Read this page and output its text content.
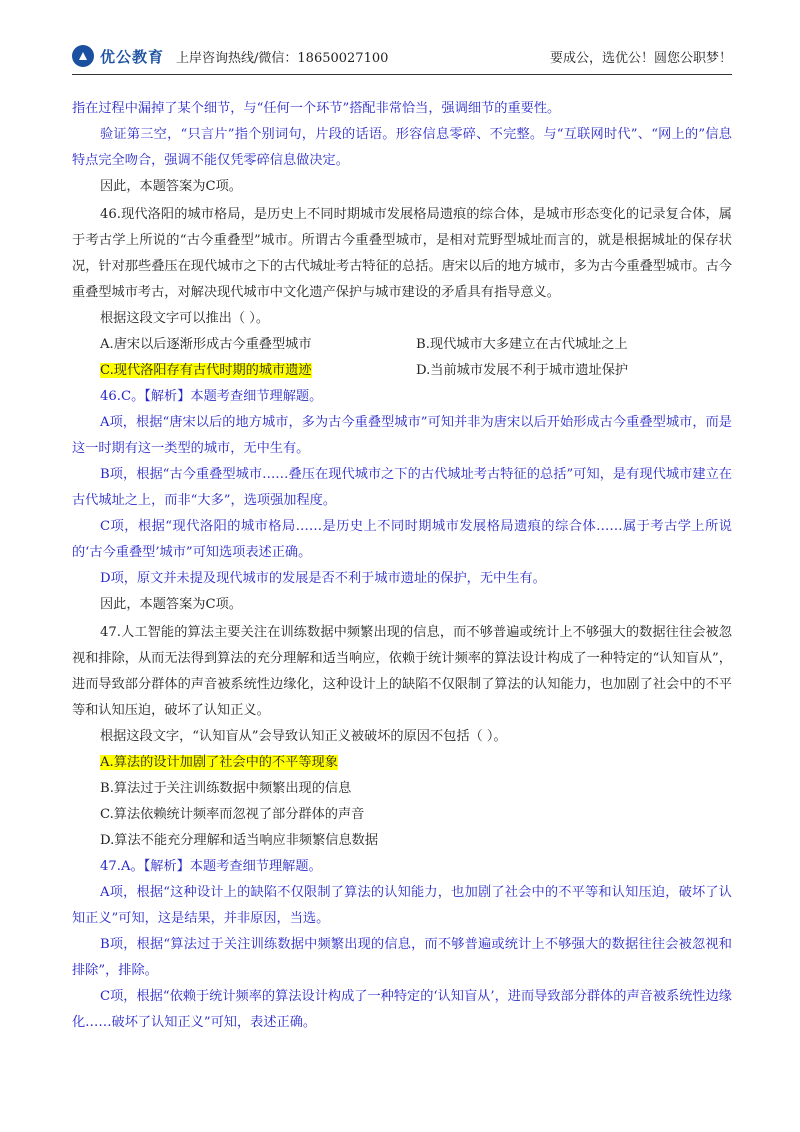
优公教育 上岸咨询热线/微信：18650027100	要成公，选优公！圆您公职梦！

指在过程中漏掉了某个细节，与“任何一个环节”搭配非常恰当，强调细节的重要性。

验证第三空，“只言片”指个别词句，片段的话语。形容信息零碎、不完整。与“互联网时代”、“网上的”信息特点完全吻合，强调不能仅凭零碎信息做决定。

因此，本题答案为C项。

46.现代洛阳的城市格局，是历史上不同时期城市发展格局遗痕的综合体，是城市形态变化的记录复合体，属于考古学上所说的“古今重叠型”城市。所谓古今重叠型城市，是相对荒野型城址而言的，就是根据城址的保存状况，针对那些叠压在现代城市之下的古代城址考古特征的总括。唐宋以后的地方城市，多为古今重叠型城市。古今重叠型城市考古，对解决现代城市中文化遗产保护与城市建设的矛盾具有指导意义。

根据这段文字可以推出（ ）。

A.唐宋以后逐渐形成古今重叠型城市	B.现代城市大多建立在古代城址之上
C.现代洛阳存有古代时期的城市遗迹	D.当前城市发展不利于城市遗址保护

46.C。【解析】本题考查细节理解题。

A项，根据“唐宋以后的地方城市，多为古今重叠型城市”可知并非为唐宋以后开始形成古今重叠型城市，而是这一时期有这一类型的城市，无中生有。

B项，根据“古今重叠型城市……叠压在现代城市之下的古代城址考古特征的总括”可知，是有现代城市建立在古代城址之上，而非“大多”，选项强加程度。

C项，根据“现代洛阳的城市格局……是历史上不同时期城市发展格局遗痕的综合体……属于考古学上所说的‘古今重叠型’城市”可知选项表述正确。

D项，原文并未提及现代城市的发展是否不利于城市遗址的保护，无中生有。

因此，本题答案为C项。

47.人工智能的算法主要关注在训练数据中频繁出现的信息，而不够普遍或统计上不够强大的数据往往会被忽视和排除，从而无法得到算法的充分理解和适当响应，依赖于统计频率的算法设计构成了一种特定的“认知盲从”，进而导致部分群体的声音被系统性边缘化，这种设计上的缺陷不仅限制了算法的认知能力，也加剧了社会中的不平等和认知压迫，破坏了认知正义。

根据这段文字，“认知盲从”会导致认知正义被破坏的原因不包括（ ）。

A.算法的设计加剧了社会中的不平等现象
B.算法过于关注训练数据中频繁出现的信息
C.算法依赖统计频率而忽视了部分群体的声音
D.算法不能充分理解和适当响应非频繁信息数据

47.A。【解析】本题考查细节理解题。

A项，根据“这种设计上的缺陷不仅限制了算法的认知能力，也加剧了社会中的不平等和认知压迫，破坏了认知正义”可知，这是结果，并非原因，当选。

B项，根据“算法过于关注训练数据中频繁出现的信息，而不够普遍或统计上不够强大的数据往往会被忽视和排除”，排除。

C项，根据“依赖于统计频率的算法设计构成了一种特定的‘认知盲从’，进而导致部分群体的声音被系统性边缘化……破坏了认知正义”可知，表述正确。
